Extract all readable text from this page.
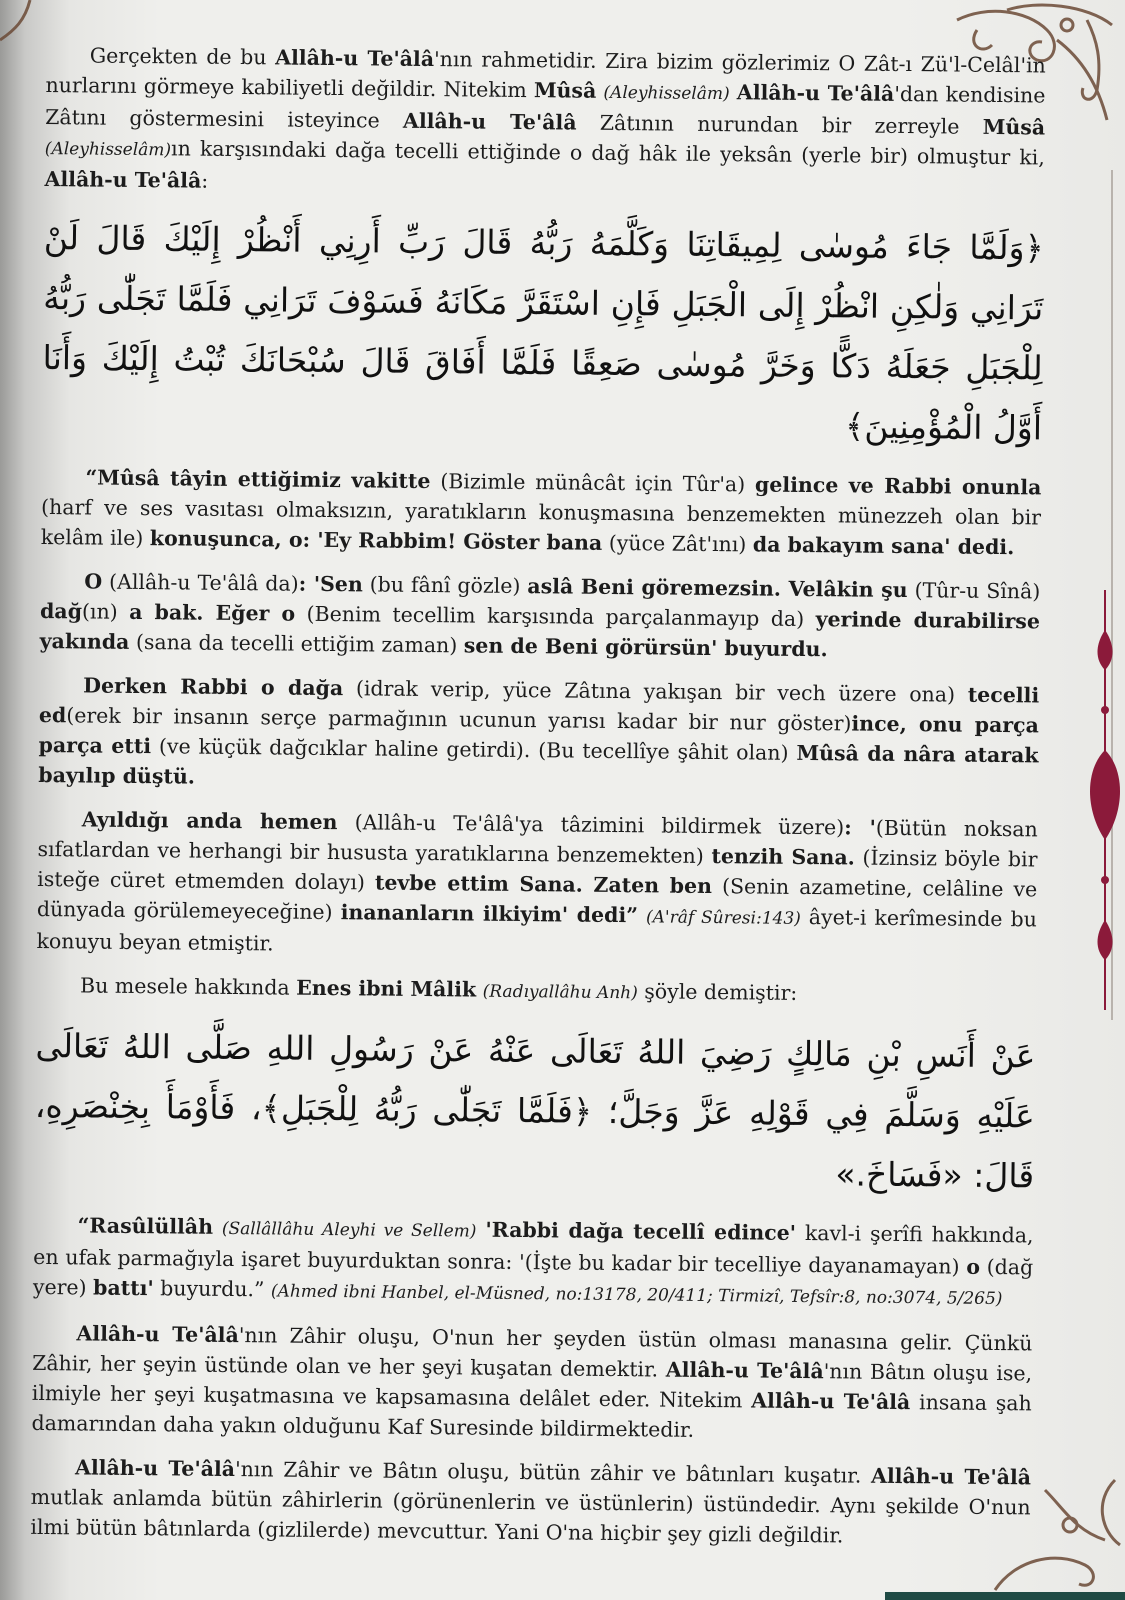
Gerçekten de bu Allâh-u Te'âlâ'nın rahmetidir. Zira bizim gözlerimiz O Zât-ı Zü'l-Celâl'in nurlarını görmeye kabiliyetli değildir. Nitekim Mûsâ (Aleyhisselâm) Allâh-u Te'âlâ'dan kendisine Zâtını göstermesini isteyince Allâh-u Te'âlâ Zâtının nurundan bir zerreyle Mûsâ (Aleyhisselâm)ın karşısındaki dağa tecelli ettiğinde o dağ hâk ile yeksân (yerle bir) olmuştur ki, Allâh-u Te'âlâ:

﴿وَلَمَّا جَاءَ مُوسٰى لِمِيقَاتِنَا وَكَلَّمَهُ رَبُّهُ قَالَ رَبِّ أَرِنِي أَنْظُرْ إِلَيْكَ قَالَ لَنْ تَرَانِي وَلٰكِنِ انْظُرْ إِلَى الْجَبَلِ فَإِنِ اسْتَقَرَّ مَكَانَهُ فَسَوْفَ تَرَانِي فَلَمَّا تَجَلّٰى رَبُّهُ لِلْجَبَلِ جَعَلَهُ دَكًّا وَخَرَّ مُوسٰى صَعِقًا فَلَمَّا أَفَاقَ قَالَ سُبْحَانَكَ تُبْتُ إِلَيْكَ وَأَنَا أَوَّلُ الْمُؤْمِنِينَ﴾

“Mûsâ tâyin ettiğimiz vakitte (Bizimle münâcât için Tûr'a) gelince ve Rabbi onunla (harf ve ses vasıtası olmaksızın, yaratıkların konuşmasına benzemekten münezzeh olan bir kelâm ile) konuşunca, o: 'Ey Rabbim! Göster bana (yüce Zât'ını) da bakayım sana' dedi.

O (Allâh-u Te'âlâ da): 'Sen (bu fânî gözle) aslâ Beni göremezsin. Velâkin şu (Tûr-u Sînâ) dağ(ın) a bak. Eğer o (Benim tecellim karşısında parçalanmayıp da) yerinde durabilirse yakında (sana da tecelli ettiğim zaman) sen de Beni görürsün' buyurdu.

Derken Rabbi o dağa (idrak verip, yüce Zâtına yakışan bir vech üzere ona) tecelli ed(erek bir insanın serçe parmağının ucunun yarısı kadar bir nur göster)ince, onu parça parça etti (ve küçük dağcıklar haline getirdi). (Bu tecellîye şâhit olan) Mûsâ da nâra atarak bayılıp düştü.

Ayıldığı anda hemen (Allâh-u Te'âlâ'ya tâzimini bildirmek üzere): '(Bütün noksan sıfatlardan ve herhangi bir hususta yaratıklarına benzemekten) tenzih Sana. (İzinsiz böyle bir isteğe cüret etmemden dolayı) tevbe ettim Sana. Zaten ben (Senin azametine, celâline ve dünyada görülemeyeceğine) inananların ilkiyim' dedi” (A'râf Sûresi:143) âyet-i kerîmesinde bu konuyu beyan etmiştir.

Bu mesele hakkında Enes ibni Mâlik (Radıyallâhu Anh) şöyle demiştir:

عَنْ أَنَسِ بْنِ مَالِكٍ رَضِيَ اللهُ تَعَالَى عَنْهُ عَنْ رَسُولِ اللهِ صَلَّى اللهُ تَعَالَى عَلَيْهِ وَسَلَّمَ فِي قَوْلِهِ عَزَّ وَجَلَّ؛ ﴿فَلَمَّا تَجَلّٰى رَبُّهُ لِلْجَبَلِ﴾، فَأَوْمَأَ بِخِنْصَرِهِ، قَالَ: «فَسَاخَ.»

“Rasûlüllâh (Sallâllâhu Aleyhi ve Sellem) 'Rabbi dağa tecellî edince' kavl-i şerîfi hakkında, en ufak parmağıyla işaret buyurduktan sonra: '(İşte bu kadar bir tecelliye dayanamayan) o (dağ yere) battı' buyurdu.” (Ahmed ibni Hanbel, el-Müsned, no:13178, 20/411; Tirmizî, Tefsîr:8, no:3074, 5/265)

Allâh-u Te'âlâ'nın Zâhir oluşu, O'nun her şeyden üstün olması manasına gelir. Çünkü Zâhir, her şeyin üstünde olan ve her şeyi kuşatan demektir. Allâh-u Te'âlâ'nın Bâtın oluşu ise, ilmiyle her şeyi kuşatmasına ve kapsamasına delâlet eder. Nitekim Allâh-u Te'âlâ insana şah damarından daha yakın olduğunu Kaf Suresinde bildirmektedir.

Allâh-u Te'âlâ'nın Zâhir ve Bâtın oluşu, bütün zâhir ve bâtınları kuşatır. Allâh-u Te'âlâ mutlak anlamda bütün zâhirlerin (görünenlerin ve üstünlerin) üstündedir. Aynı şekilde O'nun ilmi bütün bâtınlarda (gizlilerde) mevcuttur. Yani O'na hiçbir şey gizli değildir.
